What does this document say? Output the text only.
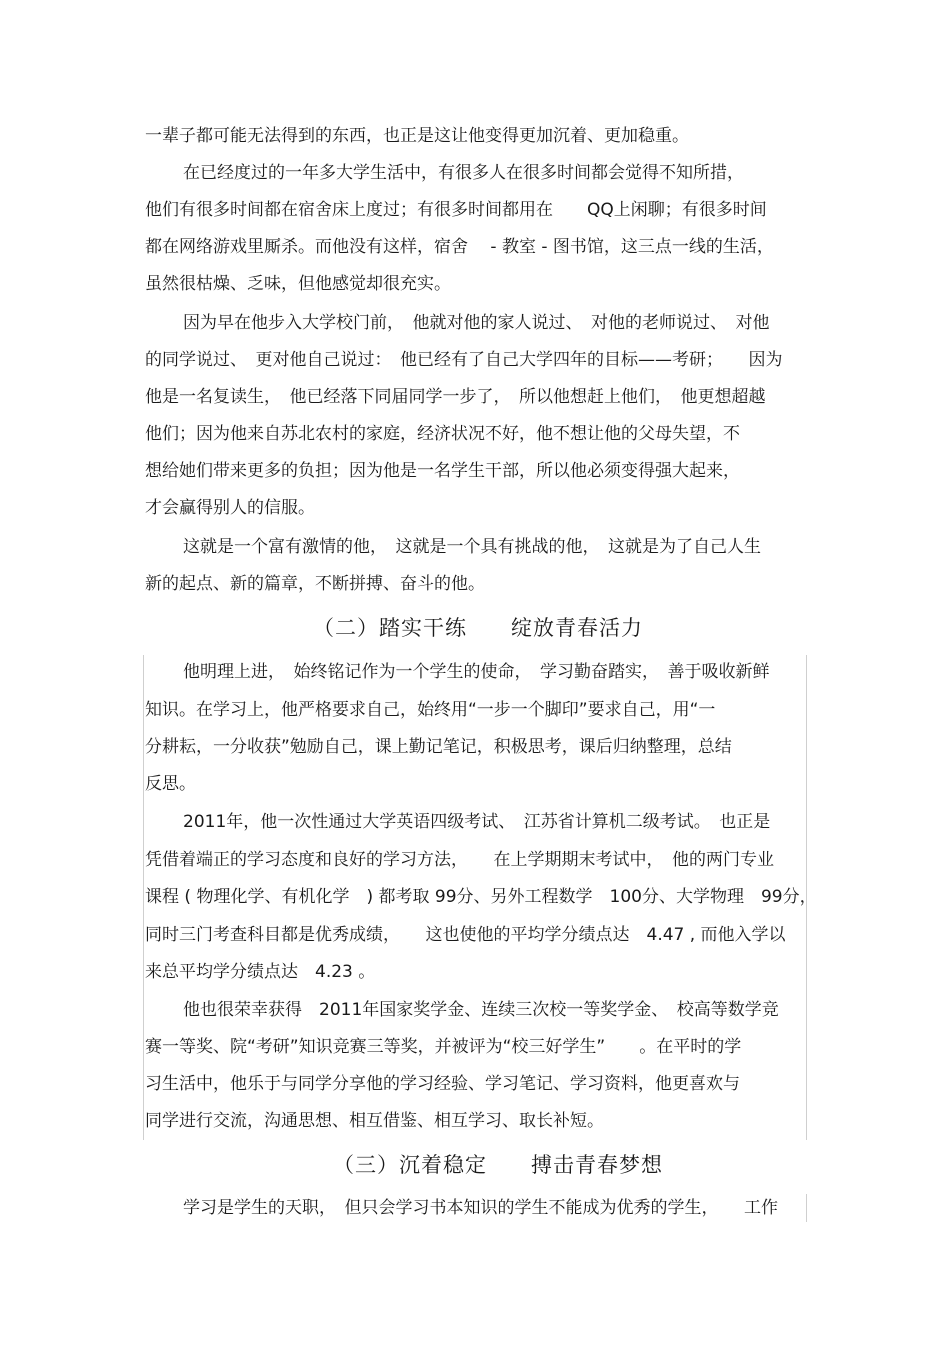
一辈子都可能无法得到的东西，也正是这让他变得更加沉着、更加稳重。
在已经度过的一年多大学生活中，有很多人在很多时间都会觉得不知所措，
他们有很多时间都在宿舍床上度过；有很多时间都用在　　QQ上闲聊；有很多时间
都在网络游戏里厮杀。而他没有这样，宿舍　 - 教室 - 图书馆，这三点一线的生活，
虽然很枯燥、乏味，但他感觉却很充实。
因为早在他步入大学校门前，　他就对他的家人说过、　对他的老师说过、　对他
的同学说过、　更对他自己说过：　他已经有了自己大学四年的目标——考研；　　因为
他是一名复读生，　他已经落下同届同学一步了，　所以他想赶上他们，　他更想超越
他们；因为他来自苏北农村的家庭，经济状况不好，他不想让他的父母失望，不
想给她们带来更多的负担；因为他是一名学生干部，所以他必须变得强大起来，
才会赢得别人的信服。
这就是一个富有激情的他，　这就是一个具有挑战的他，　这就是为了自己人生
新的起点、新的篇章，不断拼搏、奋斗的他。
（二）踏实干练　　绽放青春活力
他明理上进，　始终铭记作为一个学生的使命，　学习勤奋踏实，　善于吸收新鲜
知识。在学习上，他严格要求自己，始终用“一步一个脚印”要求自己，用“一
分耕耘，一分收获”勉励自己，课上勤记笔记，积极思考，课后归纳整理，总结
反思。
2011年，他一次性通过大学英语四级考试、　江苏省计算机二级考试。　也正是
凭借着端正的学习态度和良好的学习方法，　　在上学期期末考试中，　他的两门专业
课程 ( 物理化学、有机化学　) 都考取 99分、另外工程数学　100分、大学物理　99分，
同时三门考查科目都是优秀成绩，　　这也使他的平均学分绩点达　4.47 , 而他入学以
来总平均学分绩点达　4.23 。
他也很荣幸获得　2011年国家奖学金、连续三次校一等奖学金、　校高等数学竞
赛一等奖、院“考研”知识竞赛三等奖，并被评为“校三好学生”　　。在平时的学
习生活中，他乐于与同学分享他的学习经验、学习笔记、学习资料，他更喜欢与
同学进行交流，沟通思想、相互借鉴、相互学习、取长补短。
（三）沉着稳定　　搏击青春梦想
学习是学生的天职，　但只会学习书本知识的学生不能成为优秀的学生，　　工作
